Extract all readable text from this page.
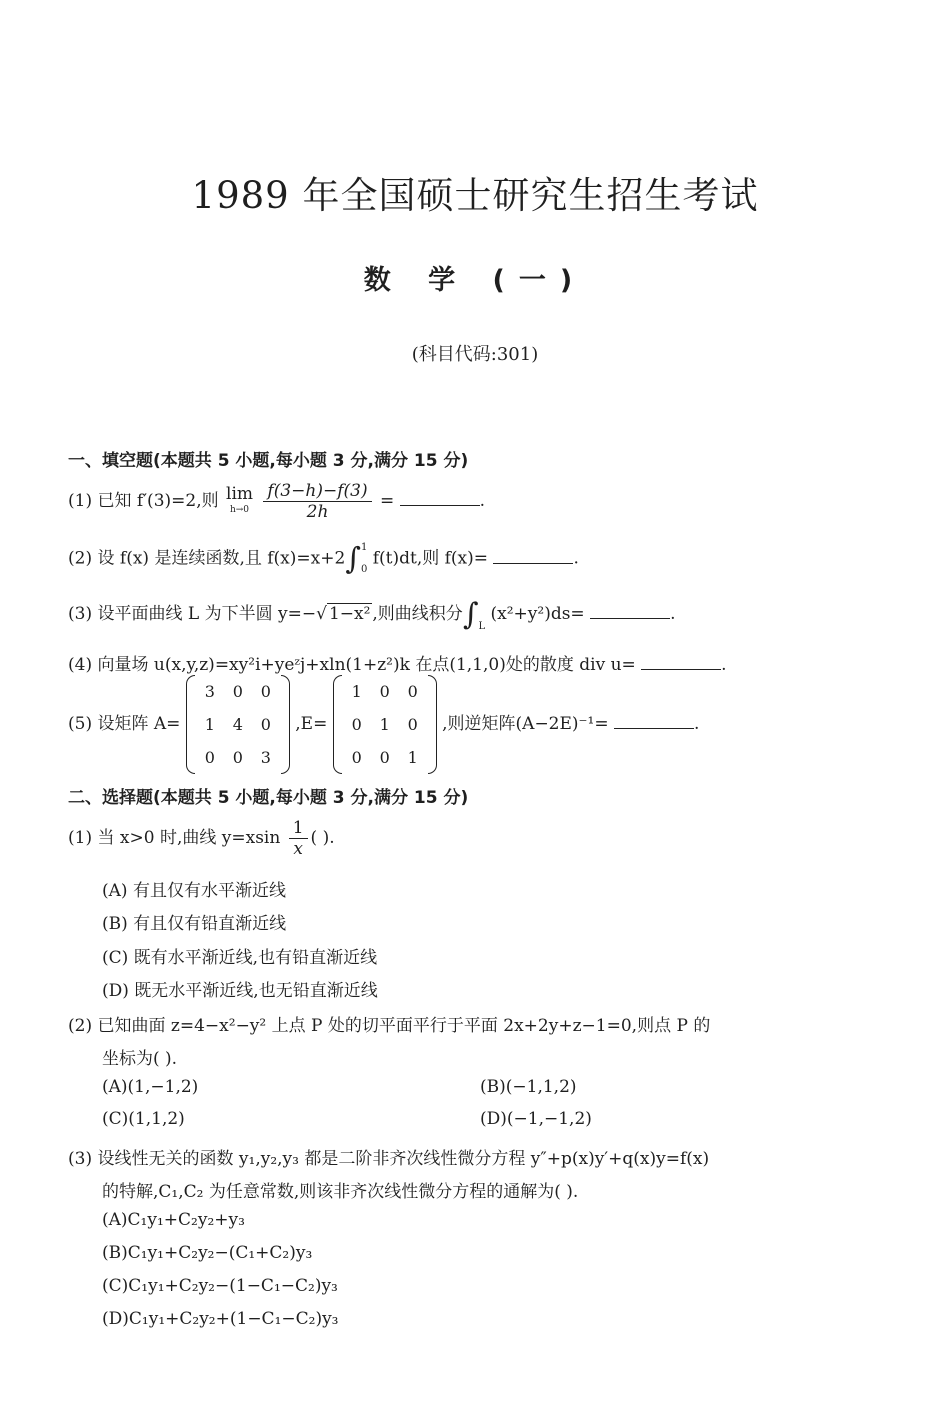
1989 年全国硕士研究生招生考试
数 学 (一)
(科目代码:301)
一、填空题(本题共 5 小题,每小题 3 分,满分 15 分)
(1) 已知 f′(3)=2,则 lim
h→0
$\frac{f(3-h)-f(3)}{2h}$ =	.
(2) 设 f(x) 是连续函数,且 f(x)=x+2∫ 1
0
f(t)dt,则 f(x)=	.
(3) 设平面曲线 L 为下半圆 y=−√ 1−x² ,则曲线积分$\int_L$ (x²+y²)ds=	.
(4) 向量场 u(x,y,z)=xy²i+yeᶻj+xln(1+z²)k 在点(1,1,0)处的散度 div u=	.
(5) 设矩阵 A=
3	0	0
1	4	0
0	0	3
,E=
1	0	0
0	1	0
0	0	1
,则逆矩阵(A−2E)⁻¹=	.
二、选择题(本题共 5 小题,每小题 3 分,满分 15 分)
(1) 当 x>0 时,曲线 $y=xsin \frac{1}{x}$ ( ).
(A) 有且仅有水平渐近线
(B) 有且仅有铅直渐近线
(C) 既有水平渐近线,也有铅直渐近线
(D) 既无水平渐近线,也无铅直渐近线
(2) 已知曲面 z=4−x²−y² 上点 P 处的切平面平行于平面 2x+2y+z−1=0,则点 P 的
坐标为( ).
(A)(1,−1,2)	(B)(−1,1,2)
(C)(1,1,2)	(D)(−1,−1,2)
(3) 设线性无关的函数 y₁,y₂,y₃ 都是二阶非齐次线性微分方程 y″+p(x)y′+q(x)y=f(x)
的特解,C₁,C₂ 为任意常数,则该非齐次线性微分方程的通解为( ).
(A)C₁y₁+C₂y₂+y₃
(B)C₁y₁+C₂y₂−(C₁+C₂)y₃
(C)C₁y₁+C₂y₂−(1−C₁−C₂)y₃
(D)C₁y₁+C₂y₂+(1−C₁−C₂)y₃
